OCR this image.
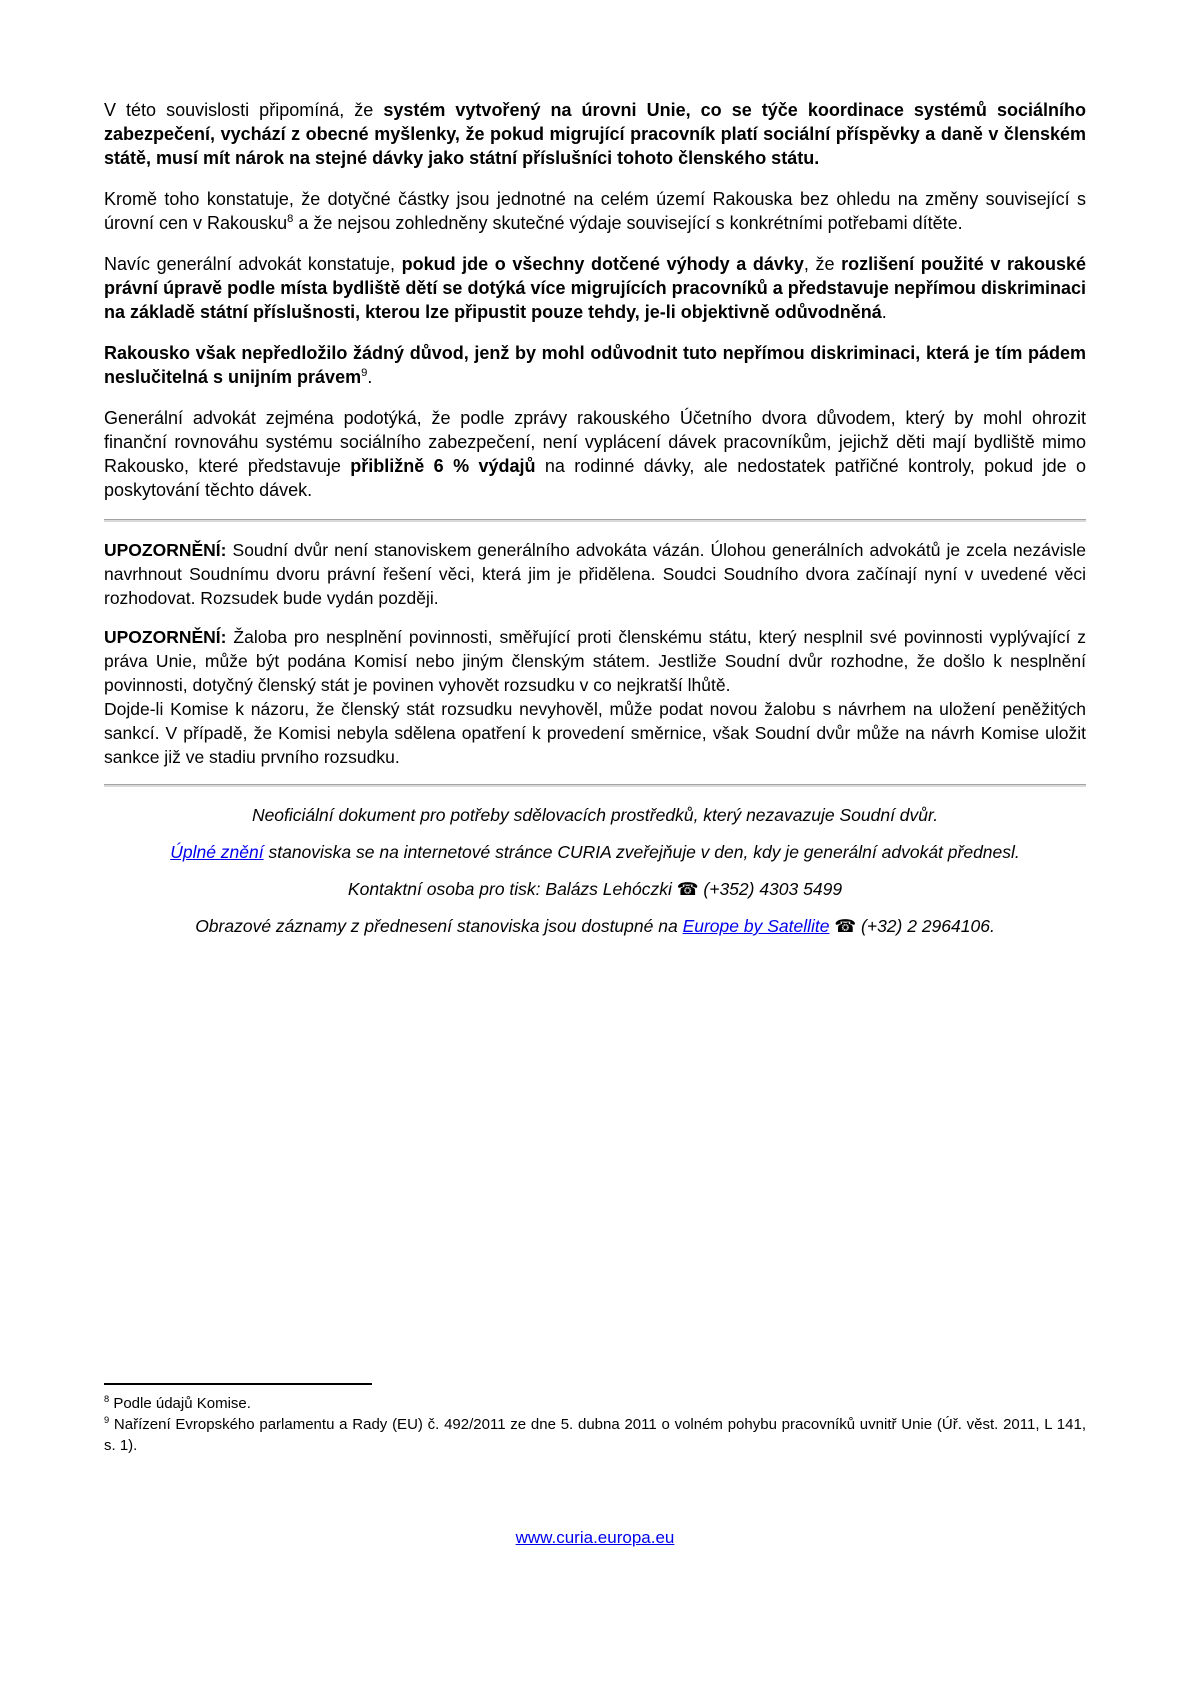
V této souvislosti připomíná, že systém vytvořený na úrovni Unie, co se týče koordinace systémů sociálního zabezpečení, vychází z obecné myšlenky, že pokud migrující pracovník platí sociální příspěvky a daně v členském státě, musí mít nárok na stejné dávky jako státní příslušníci tohoto členského státu.

Kromě toho konstatuje, že dotyčné částky jsou jednotné na celém území Rakouska bez ohledu na změny související s úrovní cen v Rakousku$^8$ a že nejsou zohledněny skutečné výdaje související s konkrétními potřebami dítěte.

Navíc generální advokát konstatuje, pokud jde o všechny dotčené výhody a dávky, že rozlišení použité v rakouské právní úpravě podle místa bydliště dětí se dotýká více migrujících pracovníků a představuje nepřímou diskriminaci na základě státní příslušnosti, kterou lze připustit pouze tehdy, je-li objektivně odůvodněná.

Rakousko však nepředložilo žádný důvod, jenž by mohl odůvodnit tuto nepřímou diskriminaci, která je tím pádem neslučitelná s unijním právem$^9$.

Generální advokát zejména podotýká, že podle zprávy rakouského Účetního dvora důvodem, který by mohl ohrozit finanční rovnováhu systému sociálního zabezpečení, není vyplácení dávek pracovníkům, jejichž děti mají bydliště mimo Rakousko, které představuje přibližně 6 % výdajů na rodinné dávky, ale nedostatek patřičné kontroly, pokud jde o poskytování těchto dávek.

UPOZORNĚNÍ: Soudní dvůr není stanoviskem generálního advokáta vázán. Úlohou generálních advokátů je zcela nezávisle navrhnout Soudnímu dvoru právní řešení věci, která jim je přidělena. Soudci Soudního dvora začínají nyní v uvedené věci rozhodovat. Rozsudek bude vydán později.

UPOZORNĚNÍ: Žaloba pro nesplnění povinnosti, směřující proti členskému státu, který nesplnil své povinnosti vyplývající z práva Unie, může být podána Komisí nebo jiným členským státem. Jestliže Soudní dvůr rozhodne, že došlo k nesplnění povinnosti, dotyčný členský stát je povinen vyhovět rozsudku v co nejkratší lhůtě.

Dojde-li Komise k názoru, že členský stát rozsudku nevyhověl, může podat novou žalobu s návrhem na uložení peněžitých sankcí. V případě, že Komisi nebyla sdělena opatření k provedení směrnice, však Soudní dvůr může na návrh Komise uložit sankce již ve stadiu prvního rozsudku.

Neoficiální dokument pro potřeby sdělovacích prostředků, který nezavazuje Soudní dvůr.

Úplné znění stanoviska se na internetové stránce CURIA zveřejňuje v den, kdy je generální advokát přednesl.

Kontaktní osoba pro tisk: Balázs Lehóczki ☎ (+352) 4303 5499

Obrazové záznamy z přednesení stanoviska jsou dostupné na Europe by Satellite ☎ (+32) 2 2964106.

$^8$ Podle údajů Komise.

$^9$ Nařízení Evropského parlamentu a Rady (EU) č. 492/2011 ze dne 5. dubna 2011 o volném pohybu pracovníků uvnitř Unie (Úř. věst. 2011, L 141, s. 1).

www.curia.europa.eu
